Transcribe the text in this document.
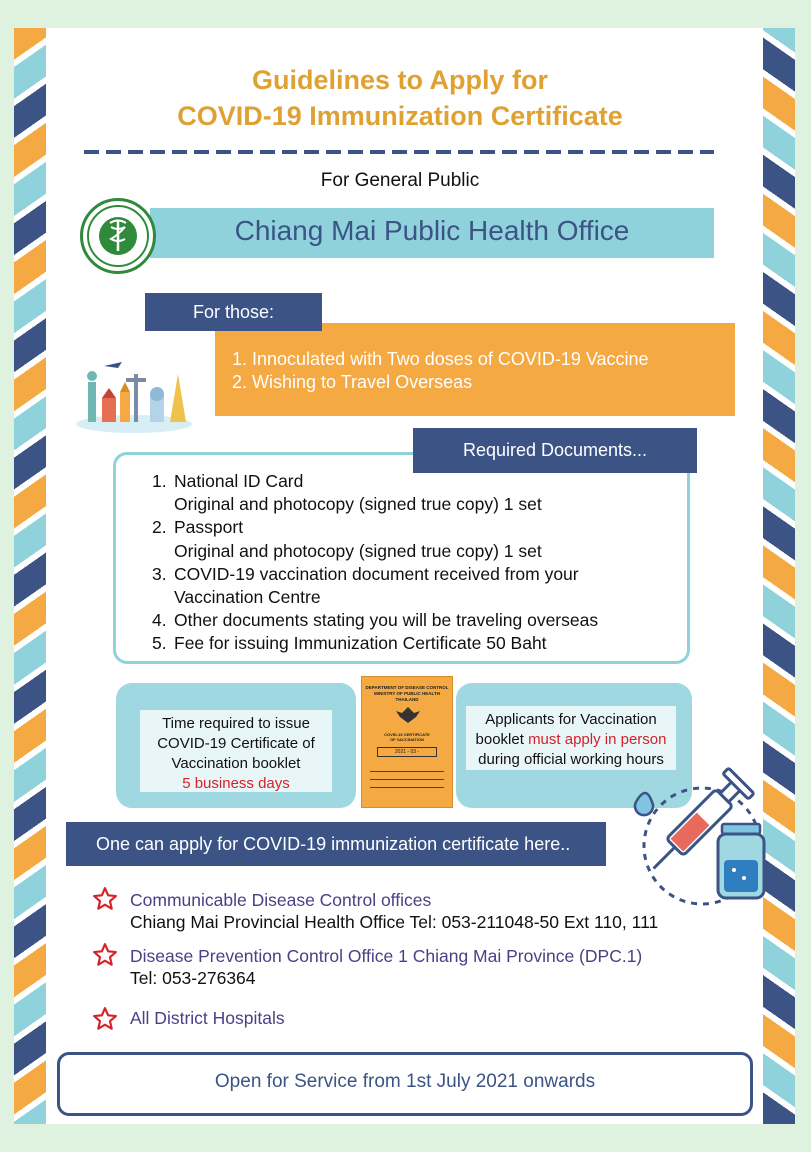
Guidelines to Apply for
COVID-19 Immunization Certificate
For General Public
Chiang Mai Public Health Office
For those:
1. Innoculated with Two doses of COVID-19 Vaccine
2. Wishing to Travel Overseas
Required Documents...
1. National ID Card
Original and photocopy (signed true copy) 1 set
2. Passport
Original and photocopy (signed true copy) 1 set
3. COVID-19 vaccination document received from your
Vaccination Centre
4. Other documents stating you will be traveling overseas
5. Fee for issuing Immunization Certificate 50 Baht
Time required to issue
COVID-19 Certificate of
Vaccination booklet
5 business days
DEPARTMENT OF DISEASE CONTROL
MINISTRY OF PUBLIC HEALTH
THAILAND
COVID-19 CERTIFICATE
OF VACCINATION
2021 - 03 -
Applicants for Vaccination
booklet must apply in person
during official working hours
One can apply for COVID-19 immunization certificate here..
Communicable Disease Control offices
Chiang Mai Provincial Health Office Tel: 053-211048-50 Ext 110, 111
Disease Prevention Control Office 1 Chiang Mai Province (DPC.1)
Tel: 053-276364
All District Hospitals
Open for Service from 1st July 2021 onwards
